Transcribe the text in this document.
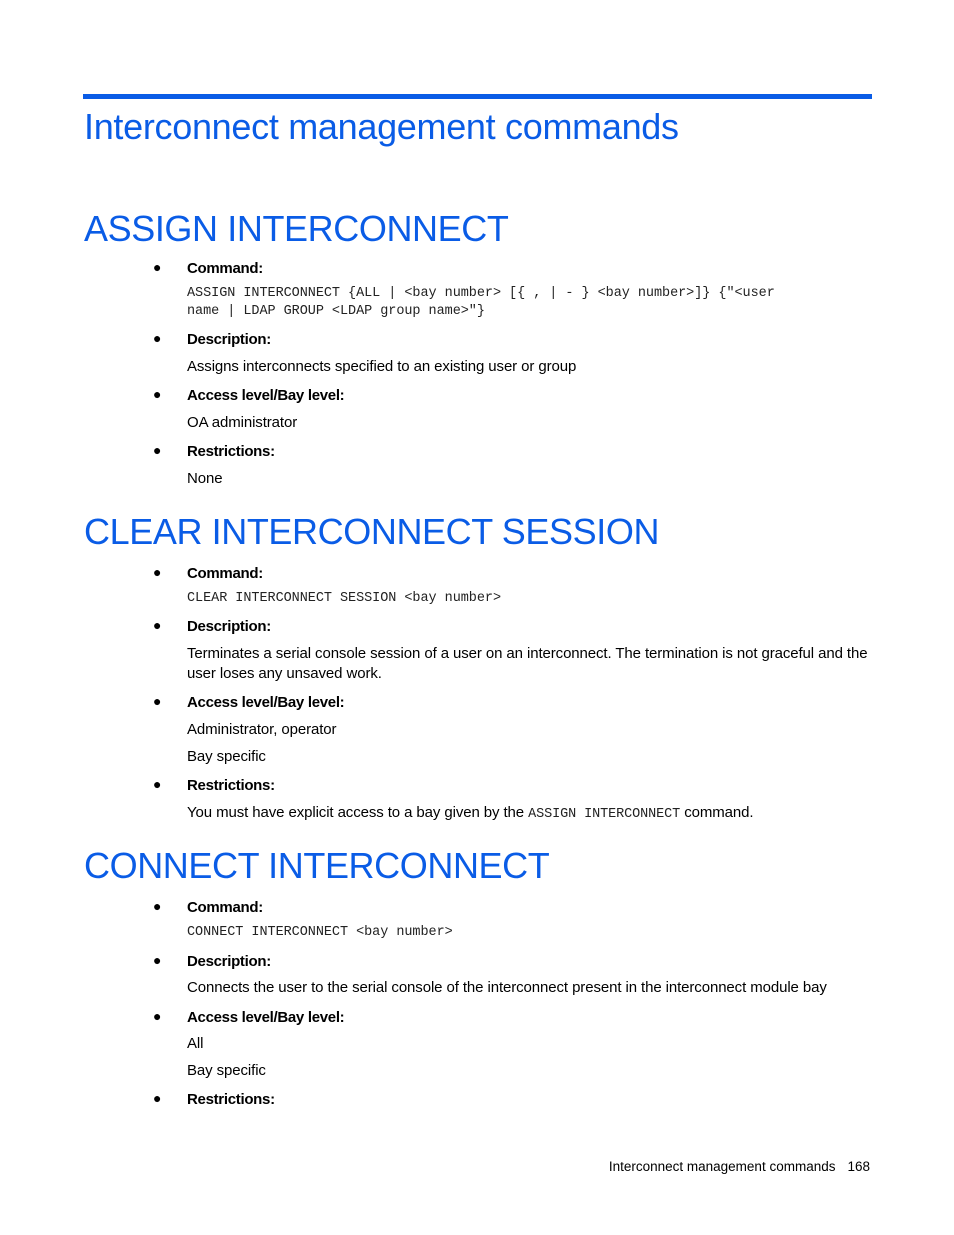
Interconnect management commands
ASSIGN INTERCONNECT
● Command:
ASSIGN INTERCONNECT {ALL | <bay number> [{ , | - } <bay number>]} {"<user
name | LDAP GROUP <LDAP group name>"}
● Description:
Assigns interconnects specified to an existing user or group
● Access level/Bay level:
OA administrator
● Restrictions:
None
CLEAR INTERCONNECT SESSION
● Command:
CLEAR INTERCONNECT SESSION <bay number>
● Description:
Terminates a serial console session of a user on an interconnect. The termination is not graceful and the
user loses any unsaved work.
● Access level/Bay level:
Administrator, operator
Bay specific
● Restrictions:
You must have explicit access to a bay given by the ASSIGN INTERCONNECT command.
CONNECT INTERCONNECT
● Command:
CONNECT INTERCONNECT <bay number>
● Description:
Connects the user to the serial console of the interconnect present in the interconnect module bay
● Access level/Bay level:
All
Bay specific
● Restrictions:
Interconnect management commands 168
